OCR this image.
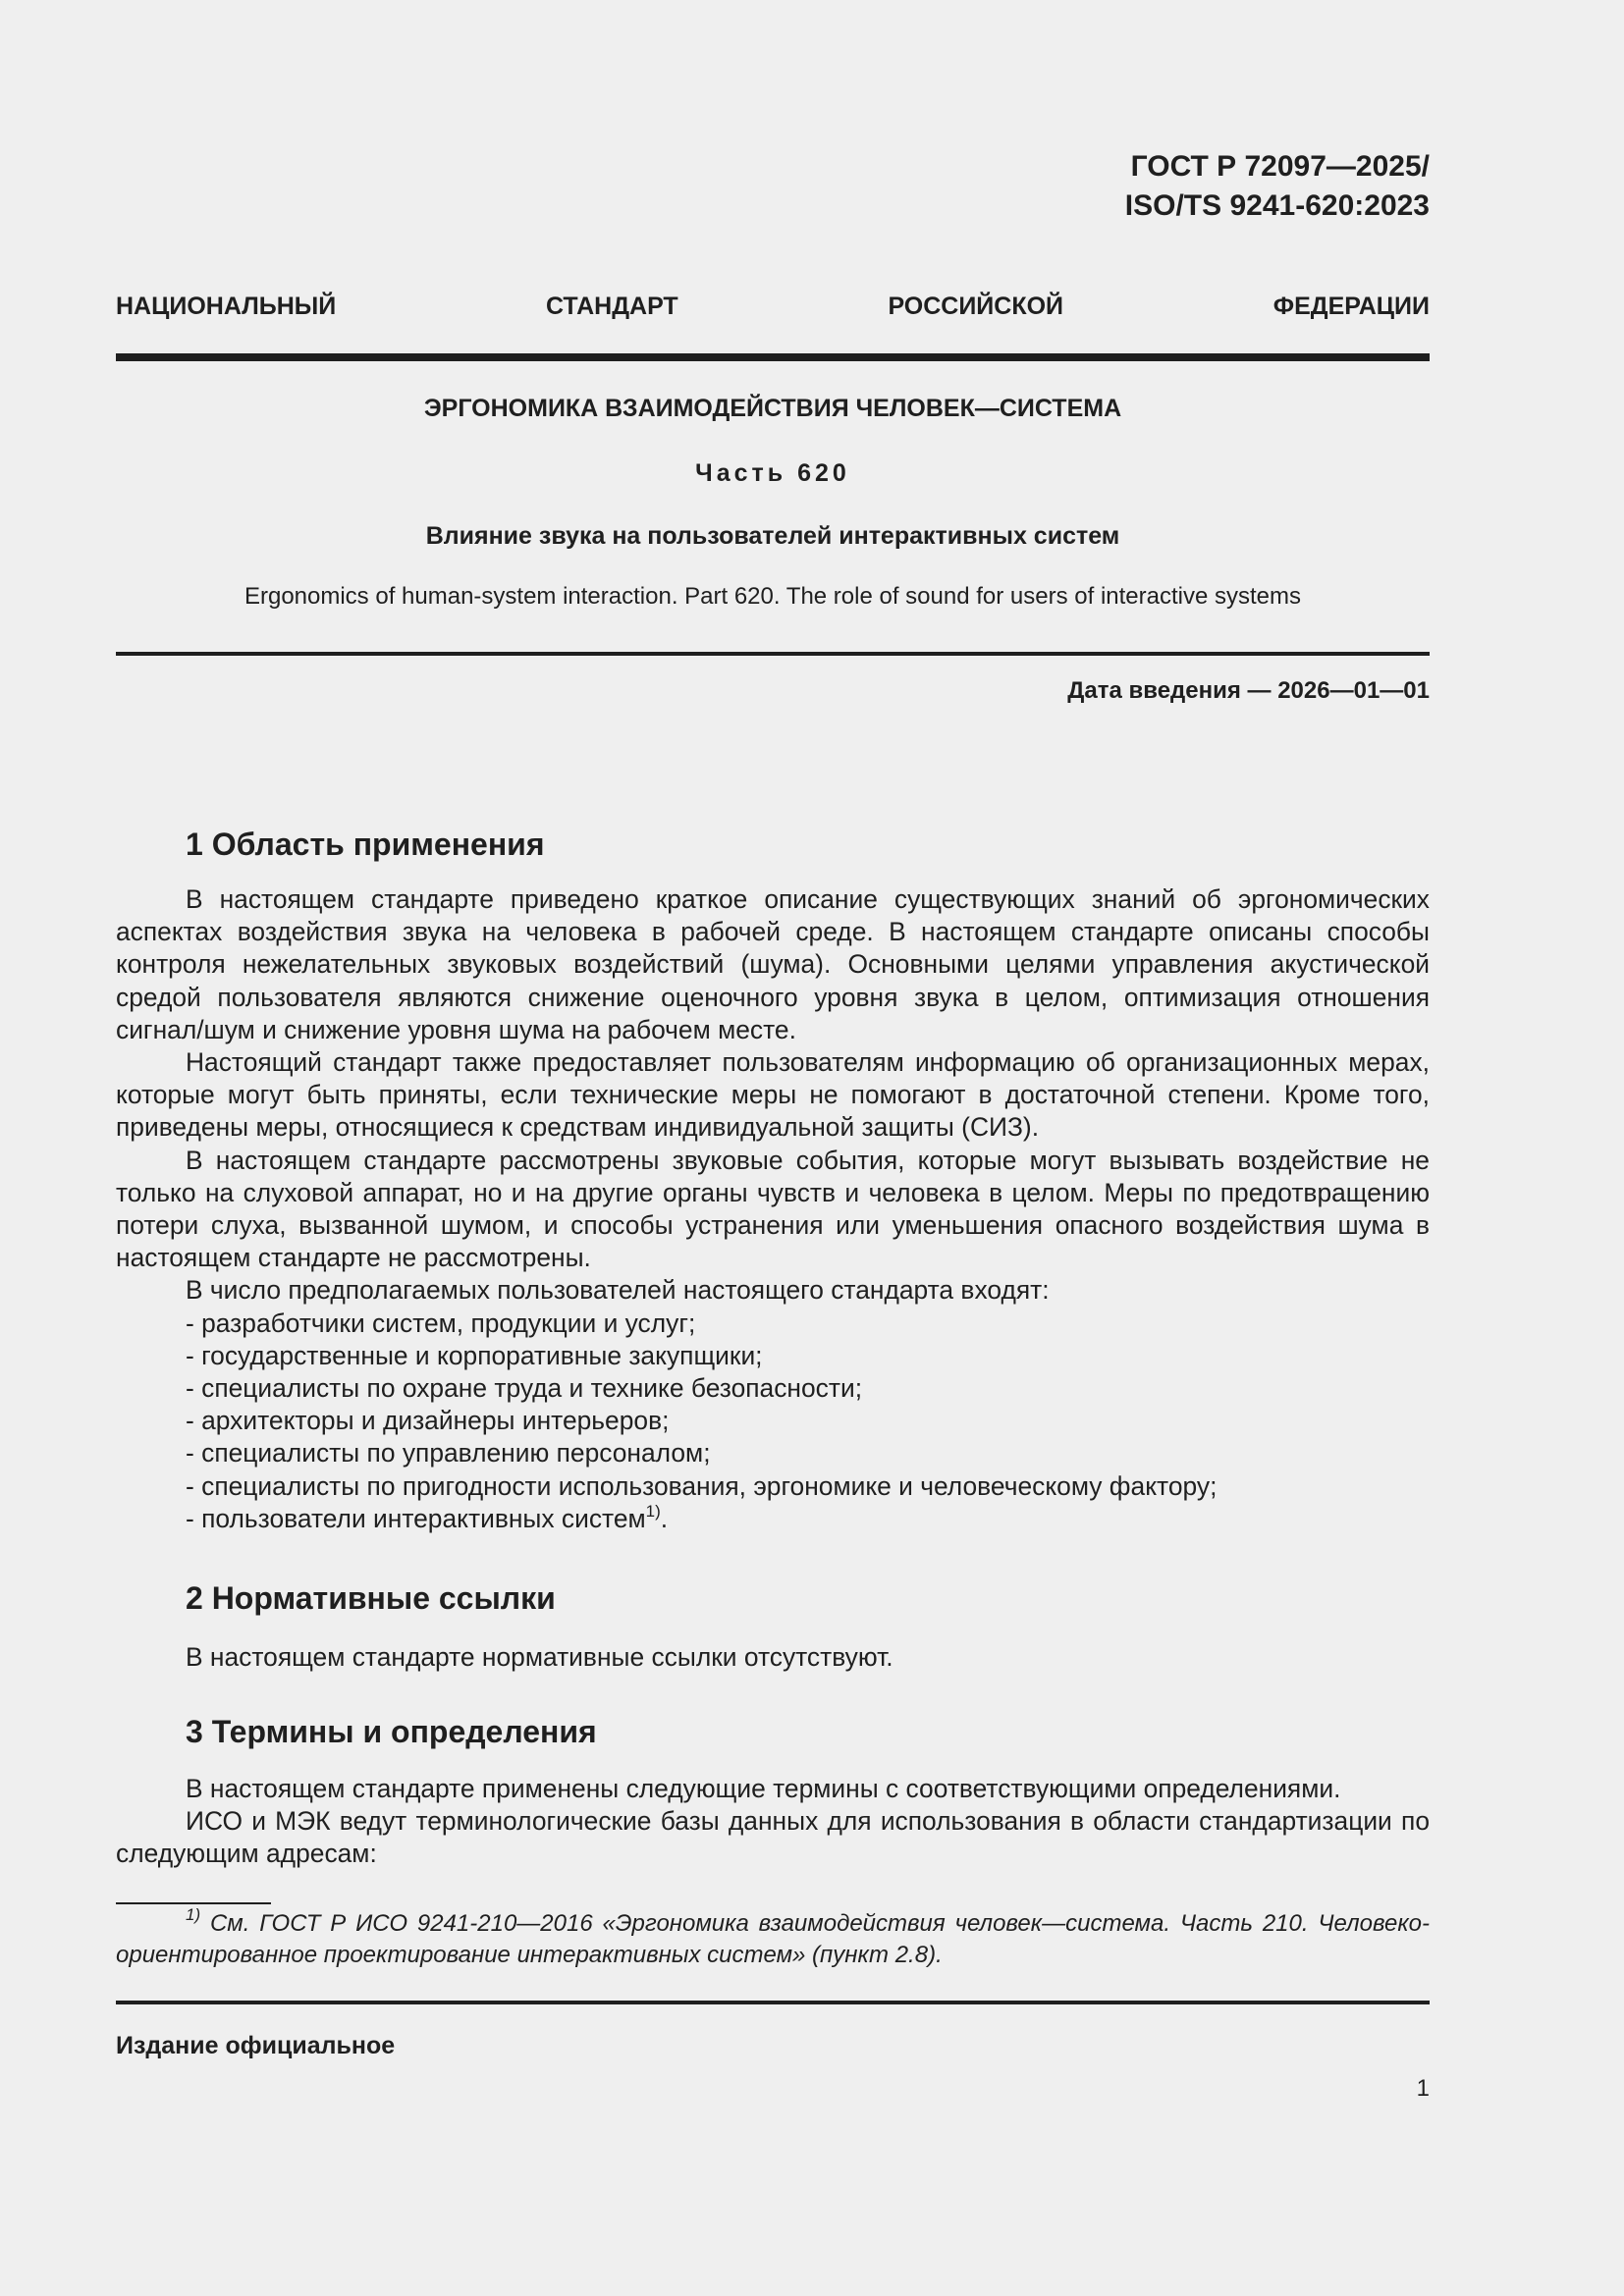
ГОСТ Р 72097—2025/
ISO/TS 9241-620:2023
НАЦИОНАЛЬНЫЙ	СТАНДАРТ	РОССИЙСКОЙ	ФЕДЕРАЦИИ
ЭРГОНОМИКА ВЗАИМОДЕЙСТВИЯ ЧЕЛОВЕК—СИСТЕМА
Часть 620
Влияние звука на пользователей интерактивных систем
Ergonomics of human-system interaction. Part 620. The role of sound for users of interactive systems
Дата введения — 2026—01—01
1 Область применения

В настоящем стандарте приведено краткое описание существующих знаний об эргономических аспектах воздействия звука на человека в рабочей среде. В настоящем стандарте описаны способы контроля нежелательных звуковых воздействий (шума). Основными целями управления акустической средой пользователя являются снижение оценочного уровня звука в целом, оптимизация отношения сигнал/шум и снижение уровня шума на рабочем месте.

Настоящий стандарт также предоставляет пользователям информацию об организационных мерах, которые могут быть приняты, если технические меры не помогают в достаточной степени. Кроме того, приведены меры, относящиеся к средствам индивидуальной защиты (СИЗ).

В настоящем стандарте рассмотрены звуковые события, которые могут вызывать воздействие не только на слуховой аппарат, но и на другие органы чувств и человека в целом. Меры по предотвращению потери слуха, вызванной шумом, и способы устранения или уменьшения опасного воздействия шума в настоящем стандарте не рассмотрены.

В число предполагаемых пользователей настоящего стандарта входят:

- разработчики систем, продукции и услуг;

- государственные и корпоративные закупщики;

- специалисты по охране труда и технике безопасности;

- архитекторы и дизайнеры интерьеров;

- специалисты по управлению персоналом;

- специалисты по пригодности использования, эргономике и человеческому фактору;

- пользователи интерактивных систем$^{1)}$.

2 Нормативные ссылки

В настоящем стандарте нормативные ссылки отсутствуют.

3 Термины и определения

В настоящем стандарте применены следующие термины с соответствующими определениями.

ИСО и МЭК ведут терминологические базы данных для использования в области стандартизации по следующим адресам:

$^{1)}$ См. ГОСТ Р ИСО 9241-210—2016 «Эргономика взаимодействия человек—система. Часть 210. Человеко-ориентированное проектирование интерактивных систем» (пункт 2.8).

Издание официальное
1
